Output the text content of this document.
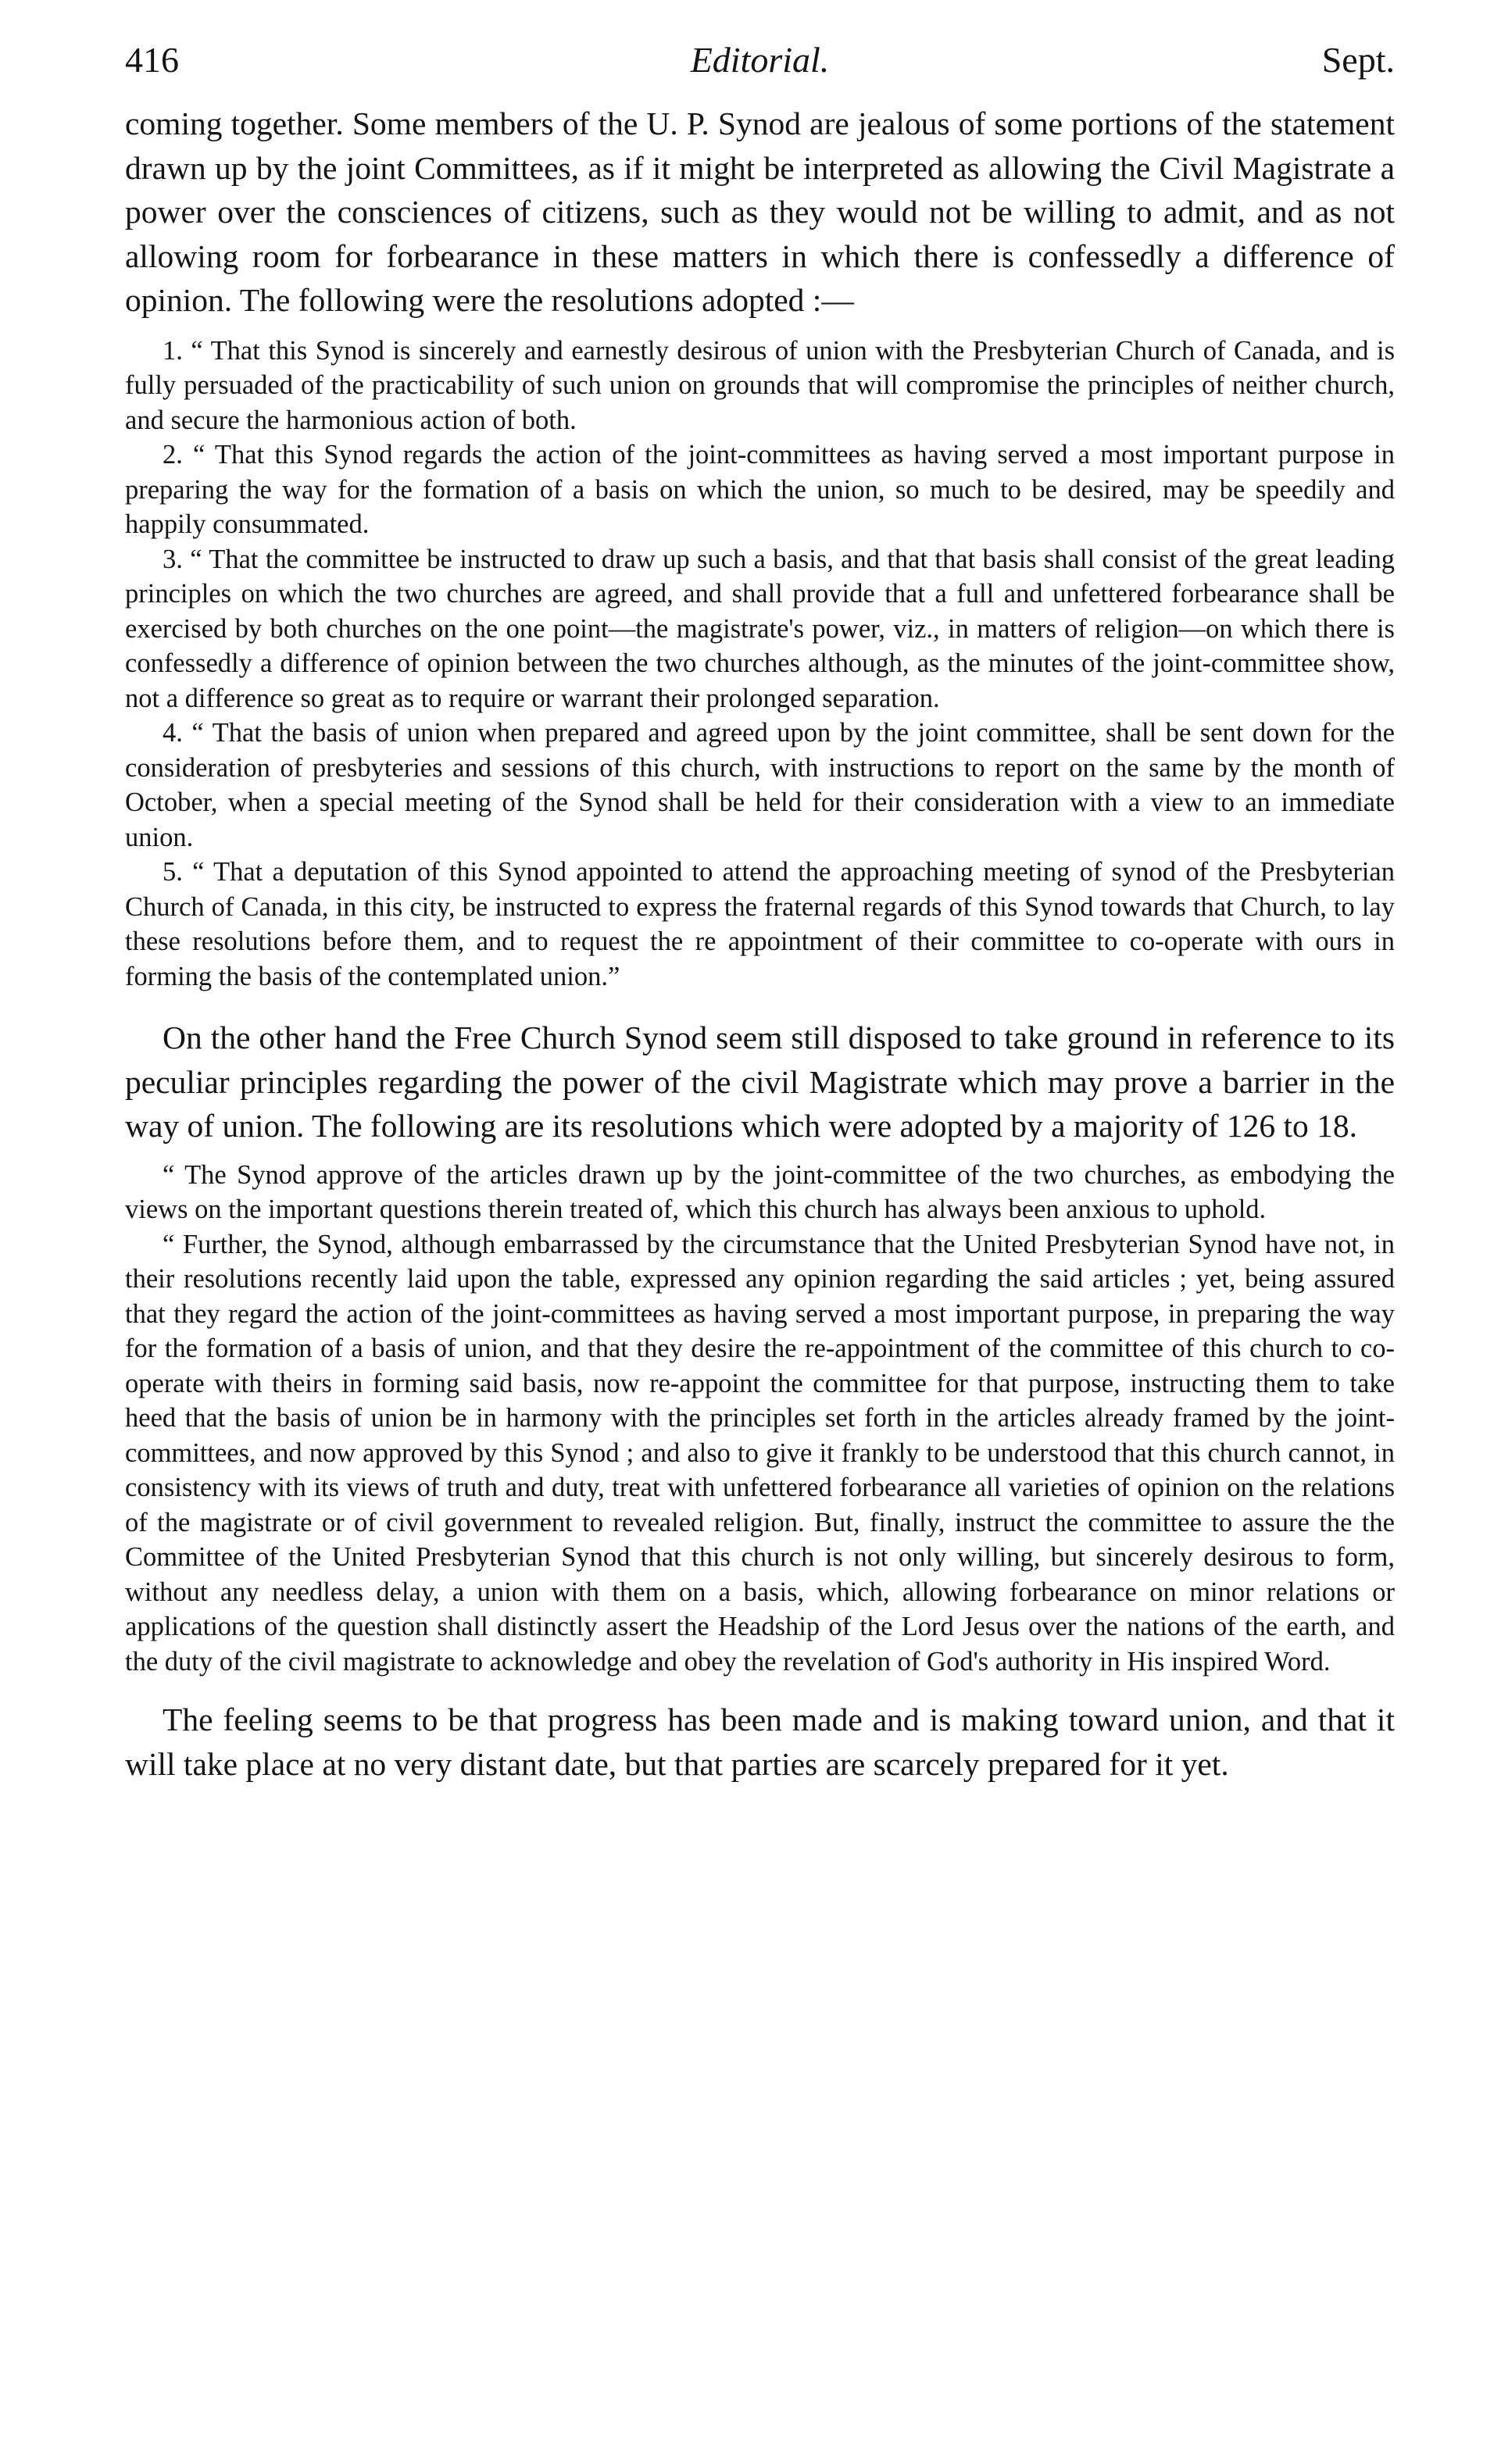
416	Editorial.	Sept.

coming together. Some members of the U. P. Synod are jealous of some portions of the statement drawn up by the joint Committees, as if it might be interpreted as allowing the Civil Magistrate a power over the consciences of citizens, such as they would not be willing to admit, and as not allowing room for forbearance in these matters in which there is confessedly a difference of opinion. The following were the resolutions adopted :—

1. “ That this Synod is sincerely and earnestly desirous of union with the Presbyterian Church of Canada, and is fully persuaded of the practicability of such union on grounds that will compromise the principles of neither church, and secure the harmonious action of both.

2. “ That this Synod regards the action of the joint-committees as having served a most important purpose in preparing the way for the formation of a basis on which the union, so much to be desired, may be speedily and happily consummated.

3. “ That the committee be instructed to draw up such a basis, and that that basis shall consist of the great leading principles on which the two churches are agreed, and shall provide that a full and unfettered forbearance shall be exercised by both churches on the one point—the magistrate's power, viz., in matters of religion—on which there is confessedly a difference of opinion between the two churches although, as the minutes of the joint-committee show, not a difference so great as to require or warrant their prolonged separation.

4. “ That the basis of union when prepared and agreed upon by the joint committee, shall be sent down for the consideration of presbyteries and sessions of this church, with instructions to report on the same by the month of October, when a special meeting of the Synod shall be held for their consideration with a view to an immediate union.

5. “ That a deputation of this Synod appointed to attend the approaching meeting of synod of the Presbyterian Church of Canada, in this city, be instructed to express the fraternal regards of this Synod towards that Church, to lay these resolutions before them, and to request the re appointment of their committee to co-operate with ours in forming the basis of the contemplated union.”

On the other hand the Free Church Synod seem still disposed to take ground in reference to its peculiar principles regarding the power of the civil Magistrate which may prove a barrier in the way of union. The following are its resolutions which were adopted by a majority of 126 to 18.

“ The Synod approve of the articles drawn up by the joint-committee of the two churches, as embodying the views on the important questions therein treated of, which this church has always been anxious to uphold.

“ Further, the Synod, although embarrassed by the circumstance that the United Presbyterian Synod have not, in their resolutions recently laid upon the table, expressed any opinion regarding the said articles ; yet, being assured that they regard the action of the joint-committees as having served a most important purpose, in preparing the way for the formation of a basis of union, and that they desire the re-appointment of the committee of this church to co-operate with theirs in forming said basis, now re-appoint the committee for that purpose, instructing them to take heed that the basis of union be in harmony with the principles set forth in the articles already framed by the joint-committees, and now approved by this Synod ; and also to give it frankly to be understood that this church cannot, in consistency with its views of truth and duty, treat with unfettered forbearance all varieties of opinion on the relations of the magistrate or of civil government to revealed religion. But, finally, instruct the committee to assure the the Committee of the United Presbyterian Synod that this church is not only willing, but sincerely desirous to form, without any needless delay, a union with them on a basis, which, allowing forbearance on minor relations or applications of the question shall distinctly assert the Headship of the Lord Jesus over the nations of the earth, and the duty of the civil magistrate to acknowledge and obey the revelation of God's authority in His inspired Word.

The feeling seems to be that progress has been made and is making toward union, and that it will take place at no very distant date, but that parties are scarcely prepared for it yet.
